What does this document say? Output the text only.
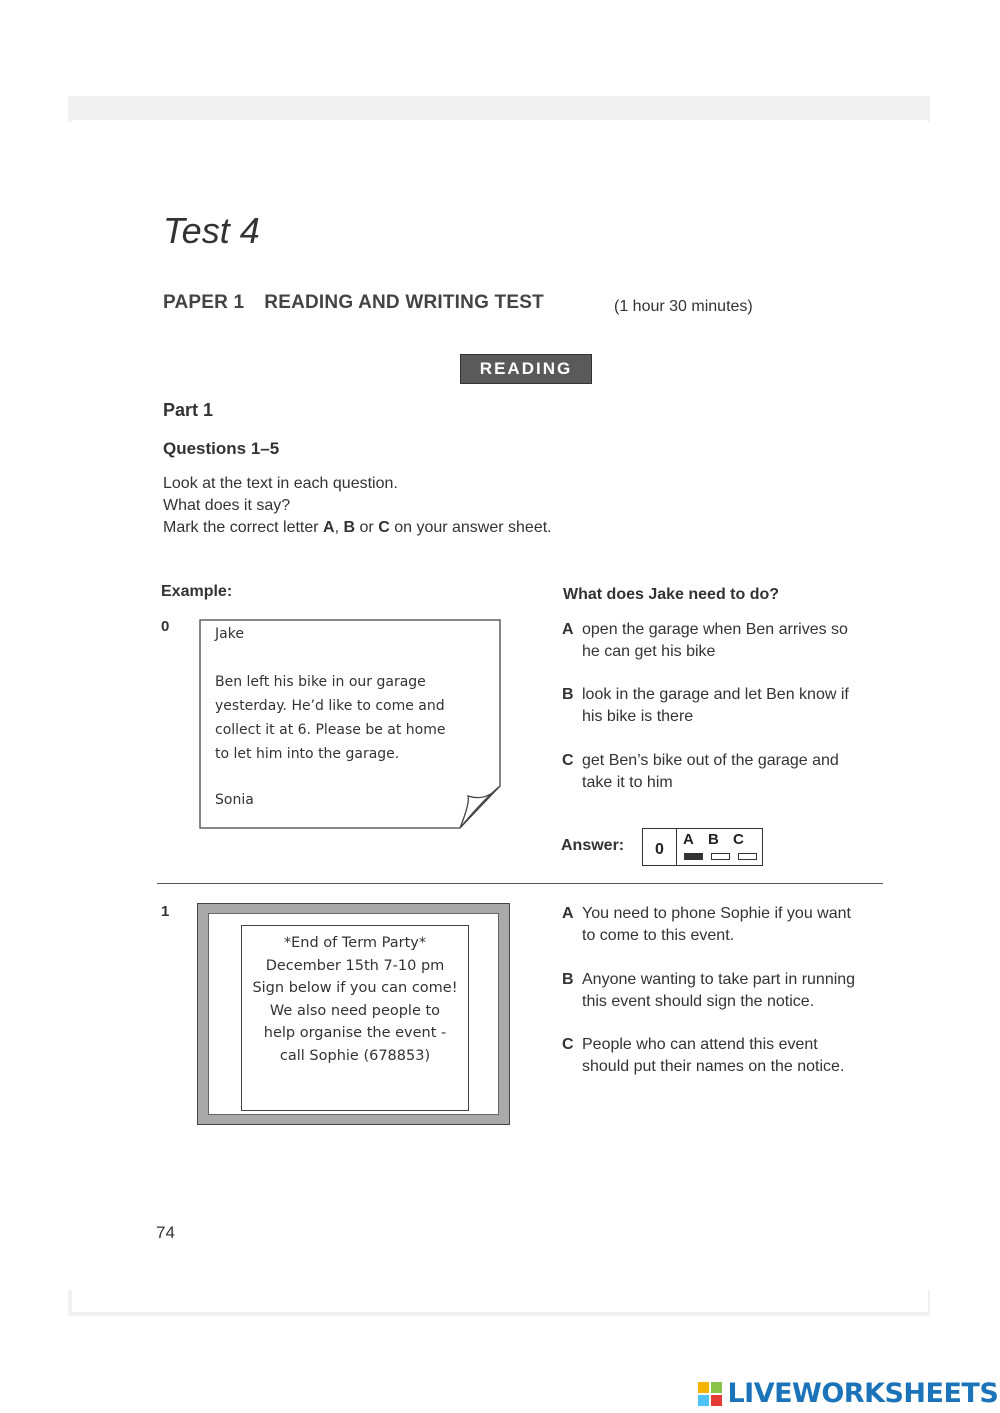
Test 4
PAPER 1 READING AND WRITING TEST	(1 hour 30 minutes)
READING
Part 1
Questions 1–5
Look at the text in each question.
What does it say?
Mark the correct letter A, B or C on your answer sheet.
Example:
0	Jake
Ben left his bike in our garage
yesterday. He’d like to come and
collect it at 6. Please be at home
to let him into the garage.
Sonia
What does Jake need to do?
A open the garage when Ben arrives so
he can get his bike
B look in the garage and let Ben know if
his bike is there
C get Ben’s bike out of the garage and
take it to him
Answer:	0
A B C
1
*End of Term Party*
December 15th 7-10 pm
Sign below if you can come!
We also need people to
help organise the event -
call Sophie (678853)
A You need to phone Sophie if you want
to come to this event.
B Anyone wanting to take part in running
this event should sign the notice.
C People who can attend this event
should put their names on the notice.
74
LIVEWORKSHEETS
